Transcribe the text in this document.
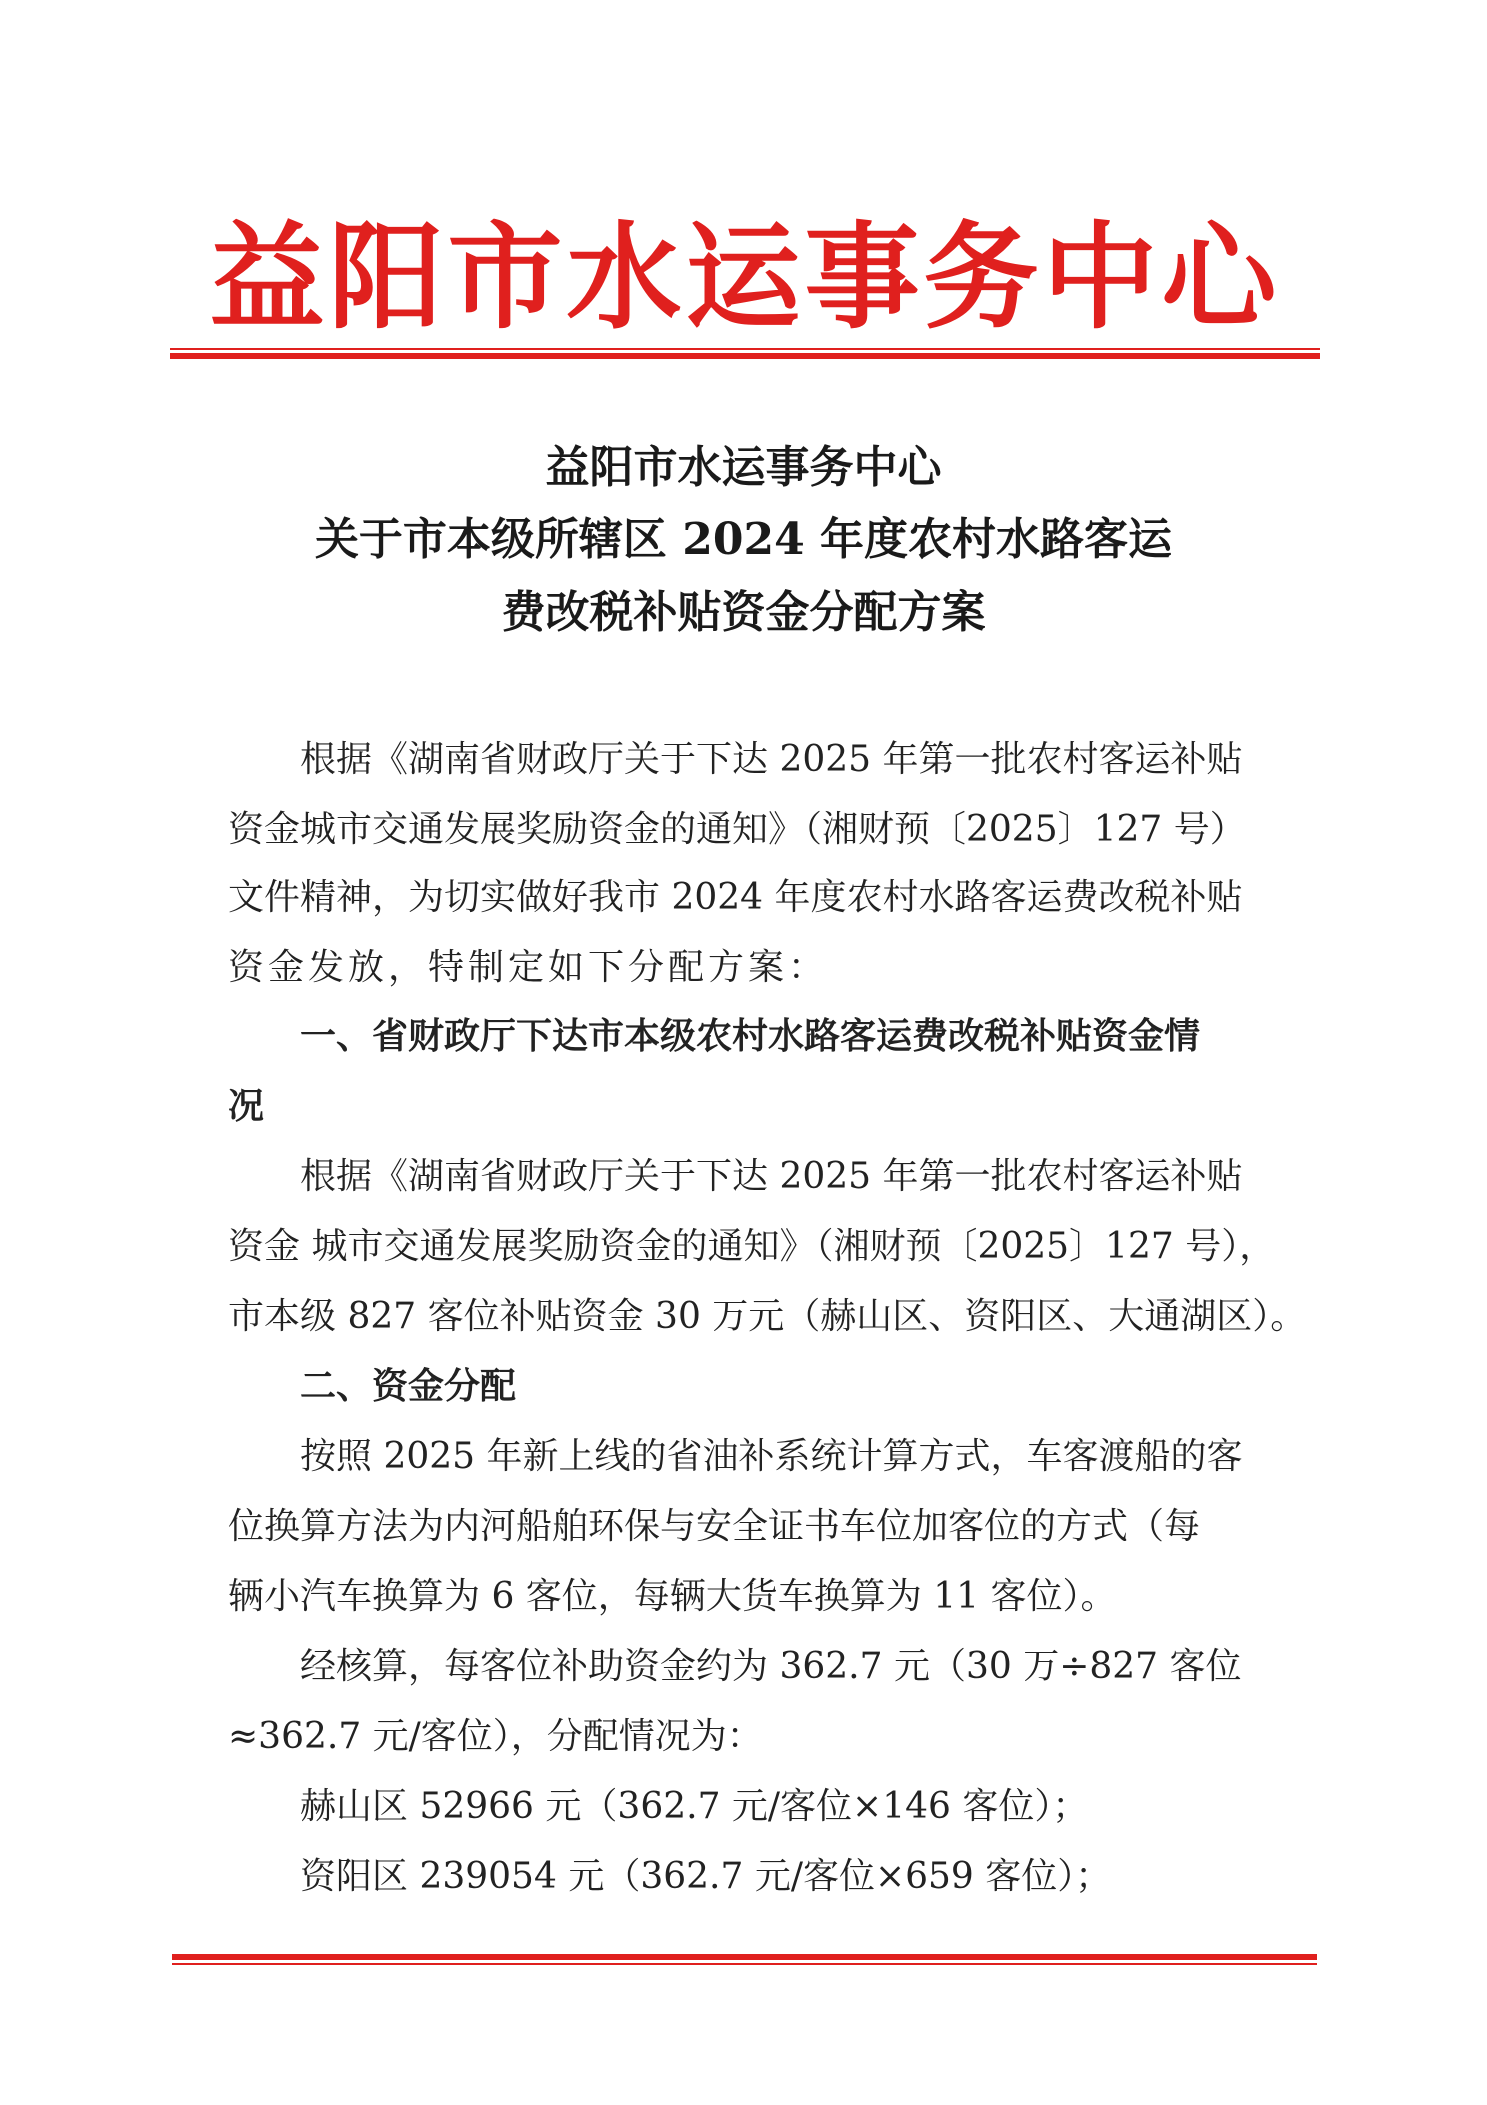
益阳市水运事务中心
益阳市水运事务中心
关于市本级所辖区 2024 年度农村水路客运
费改税补贴资金分配方案
根据《湖南省财政厅关于下达 2025 年第一批农村客运补贴
资金城市交通发展奖励资金的通知》（湘财预〔2025〕127 号）
文件精神，为切实做好我市 2024 年度农村水路客运费改税补贴
资金发放，特制定如下分配方案：
一、省财政厅下达市本级农村水路客运费改税补贴资金情
况
根据《湖南省财政厅关于下达 2025 年第一批农村客运补贴
资金 城市交通发展奖励资金的通知》（湘财预〔2025〕127 号），
市本级 827 客位补贴资金 30 万元（赫山区、资阳区、大通湖区）。
二、资金分配
按照 2025 年新上线的省油补系统计算方式，车客渡船的客
位换算方法为内河船舶环保与安全证书车位加客位的方式（每
辆小汽车换算为 6 客位，每辆大货车换算为 11 客位）。
经核算，每客位补助资金约为 362.7 元（30 万÷827 客位
≈362.7 元/客位），分配情况为：
赫山区 52966 元（362.7 元/客位×146 客位）；
资阳区 239054 元（362.7 元/客位×659 客位）；
